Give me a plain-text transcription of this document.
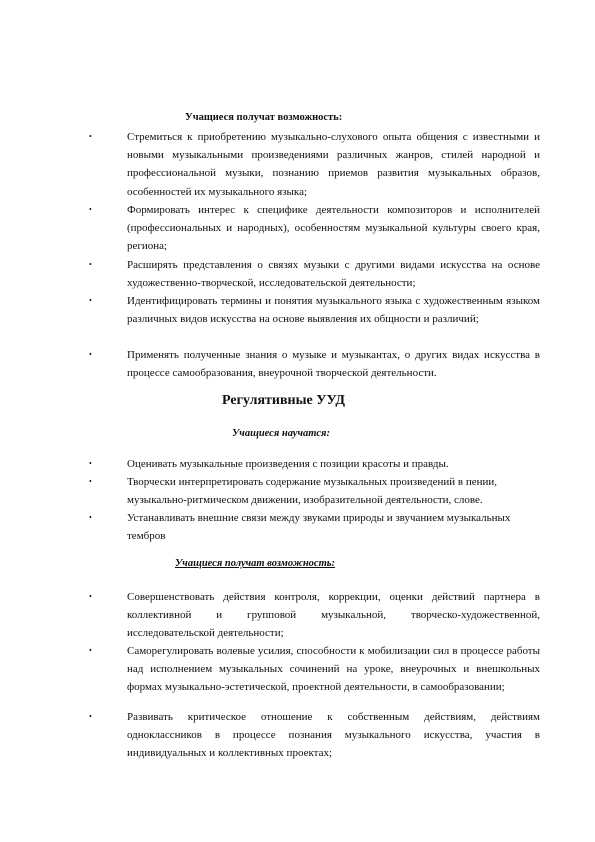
Учащиеся получат возможность:
•	Стремиться к приобретению музыкально-слухового опыта общения с известными и новыми музыкальными произведениями различных жанров, стилей народной и профессиональной музыки, познанию приемов развития музыкальных образов, особенностей их музыкального языка;
•	Формировать интерес к специфике деятельности композиторов и исполнителей (профессиональных и народных), особенностям музыкальной культуры своего края, региона;
•	Расширять представления о связях музыки с другими видами искусства на основе художественно-творческой, исследовательской деятельности;
•	Идентифицировать термины и понятия музыкального языка с художественным языком различных видов искусства на основе выявления их общности и различий;
•	Применять полученные знания о музыке и музыкантах, о других видах искусства в процессе самообразования, внеурочной творческой деятельности.
Регулятивные УУД
Учащиеся научатся:
•	Оценивать музыкальные произведения с позиции красоты и правды.
•	Творчески интерпретировать содержание музыкальных произведений в пении, музыкально-ритмическом движении, изобразительной деятельности, слове.
•	Устанавливать внешние связи между звуками природы и звучанием музыкальных тембров
Учащиеся получат возможность:
•	Совершенствовать действия контроля, коррекции, оценки действий партнера в коллективной и групповой музыкальной, творческо-художественной, исследовательской деятельности;
•	Саморегулировать волевые усилия, способности к мобилизации сил в процессе работы над исполнением музыкальных сочинений на уроке, внеурочных и внешкольных формах музыкально-эстетической, проектной деятельности, в самообразовании;
•	Развивать критическое отношение к собственным действиям, действиям одноклассников в процессе познания музыкального искусства, участия в индивидуальных и коллективных проектах;
